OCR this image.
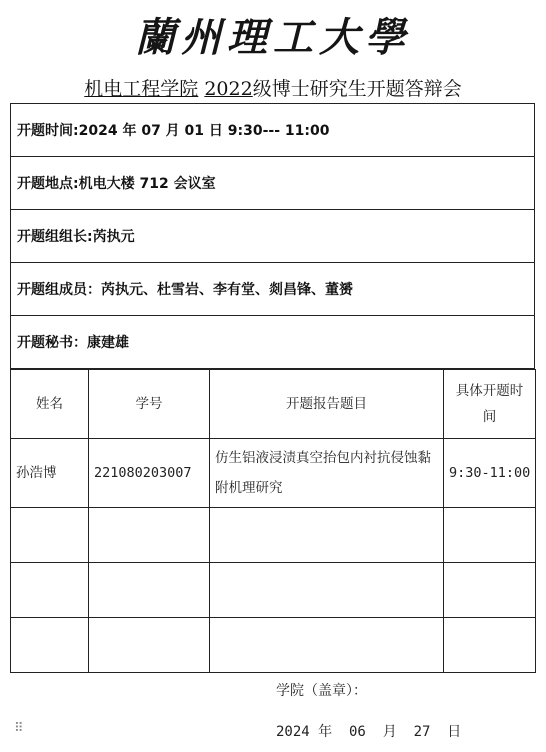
蘭州理工大學
机电工程学院 2022级博士研究生开题答辩会
开题时间:2024 年 07 月 01 日 9:30--- 11:00
开题地点:机电大楼 712 会议室
开题组组长:芮执元
开题组成员：芮执元、杜雪岩、李有堂、剡昌锋、董赟
开题秘书：康建雄
姓名	学号	开题报告题目	具体开题时间
孙浩博	221080203007	仿生铝液浸渍真空抬包内衬抗侵蚀黏附机理研究	9:30-11:00

学院（盖章）：
⠿	2024 年  06  月  27  日
